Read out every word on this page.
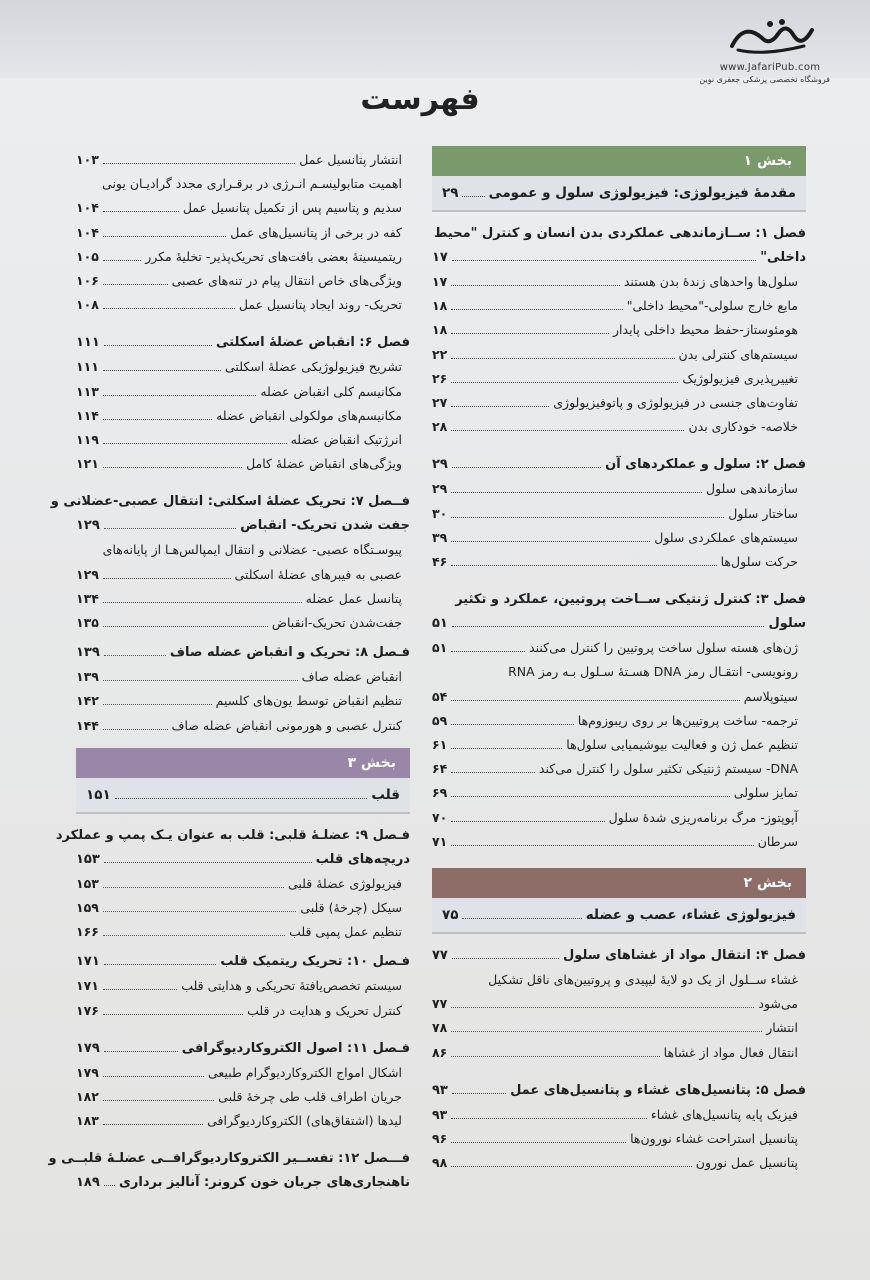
www.JafariPub.com
فروشگاه تخصصی پزشکی جعفری نوین
فهرست
بخش ۱
مقدمهٔ فیزیولوژی: فیزیولوژی سلول و عمومی
۲۹
فصل ۱: ســازماندهی عملکردی بدن انسان و کنترل "محیط
داخلی"
۱۷
سلول‌ها واحدهای زندهٔ بدن هستند
۱۷
مایع خارج سلولی-"محیط داخلی"
۱۸
هومئوستاز-حفظ محیط داخلی پایدار
۱۸
سیستم‌های کنترلی بدن
۲۲
تغییرپذیری فیزیولوژیک
۲۶
تفاوت‌های جنسی در فیزیولوژی و پاتوفیزیولوژی
۲۷
خلاصه- خودکاری بدن
۲۸
فصل ۲: سلول و عملکردهای آن
۲۹
سازماندهی سلول
۲۹
ساختار سلول
۳۰
سیستم‌های عملکردی سلول
۳۹
حرکت سلول‌ها
۴۶
فصل ۳: کنترل ژنتیکی ســاخت پروتیین، عملکرد و تکثیر
سلول
۵۱
ژن‌های هسته سلول ساخت پروتیین را کنترل می‌کنند
۵۱
رونویسی- انتقـال رمز DNA هسـتهٔ سـلول بـه رمز RNA
سیتوپلاسم
۵۴
ترجمه- ساخت پروتیین‌ها بر روی ریبوزوم‌ها
۵۹
تنظیم عمل ژن و فعالیت بیوشیمیایی سلول‌ها
۶۱
DNA- سیستم ژنتیکی تکثیر سلول را کنترل می‌کند
۶۴
تمایز سلولی
۶۹
آپوپتوز- مرگ برنامه‌ریزی شدهٔ سلول
۷۰
سرطان
۷۱
بخش ۲
فیزیولوژی غشاء، عصب و عضله
۷۵
فصل ۴: انتقال مواد از غشاهای سلول
۷۷
غشاء ســلول از یک دو لایهٔ لیپیدی و پروتیین‌های ناقل تشکیل
می‌شود
۷۷
انتشار
۷۸
انتقال فعال مواد از غشاها
۸۶
فصل ۵: پتانسیل‌های غشاء و پتانسیل‌های عمل
۹۳
فیزیک پایه پتانسیل‌های غشاء
۹۳
پتانسیل استراحت غشاء نورون‌ها
۹۶
پتانسیل عمل نورون
۹۸
انتشار پتانسیل عمل
۱۰۳
اهمیت متابولیسـم انـرژی در برقـراری مجدد گرادیـان یونی
سدیم و پتاسیم پس از تکمیل پتانسیل عمل
۱۰۴
کفه در برخی از پتانسیل‌های عمل
۱۰۴
ریتمیسیتهٔ بعضی بافت‌های تحریک‌پذیر- تخلیهٔ مکرر
۱۰۵
ویژگی‌های خاص انتقال پیام در تنه‌های عصبی
۱۰۶
تحریک- روند ایجاد پتانسیل عمل
۱۰۸
فصل ۶: انقباض عضلهٔ اسکلتی
۱۱۱
تشریح فیزیولوژیکی عضلهٔ اسکلتی
۱۱۱
مکانیسم کلی انقباض عضله
۱۱۳
مکانیسم‌های مولکولی انقباض عضله
۱۱۴
انرژتیک انقباض عضله
۱۱۹
ویژگی‌های انقباض عضلهٔ کامل
۱۲۱
فــصل ۷: تحریک عضلهٔ اسکلتی: انتقال عصبی-عضلانی و
جفت شدن تحریک- انقباض
۱۲۹
پیوسـتگاه عصبی- عضلانی و انتقال ایمپالس‌هـا از پایانه‌های
عصبی به فیبرهای عضلهٔ اسکلتی
۱۲۹
پتانسل عمل عضله
۱۳۴
جفت‌شدن تحریک-انقباض
۱۳۵
فـصل ۸: تحریک و انقباض عضله صاف
۱۳۹
انقباض عضله صاف
۱۳۹
تنظیم انقباض توسط یون‌های کلسیم
۱۴۲
کنترل عصبی و هورمونی انقباض عضله صاف
۱۴۴
بخش ۳
قلب
۱۵۱
فـصل ۹: عضلـهٔ قلبی: قلب به عنوان یـک پمپ و عملکرد
دریچه‌های قلب
۱۵۳
فیزیولوژی عضلهٔ قلبی
۱۵۳
سیکل (چرخهٔ) قلبی
۱۵۹
تنظیم عمل پمپی قلب
۱۶۶
فـصل ۱۰: تحریک ریتمیک قلب
۱۷۱
سیستم تخصص‌یافتهٔ تحریکی و هدایتی قلب
۱۷۱
کنترل تحریک و هدایت در قلب
۱۷۶
فـصل ۱۱: اصول الکتروکاردیوگرافی
۱۷۹
اشکال امواج الکتروکاردیوگرام طبیعی
۱۷۹
جریان اطراف قلب طی چرخهٔ قلبی
۱۸۲
لیدها (اشتقاق‌های) الکتروکاردیوگرافی
۱۸۳
فـــصل ۱۲: تفســیر الکتروکاردیوگرافــی عضلـهٔ قلبــی و
ناهنجاری‌های جریان خون کرونر: آنالیز برداری
۱۸۹
